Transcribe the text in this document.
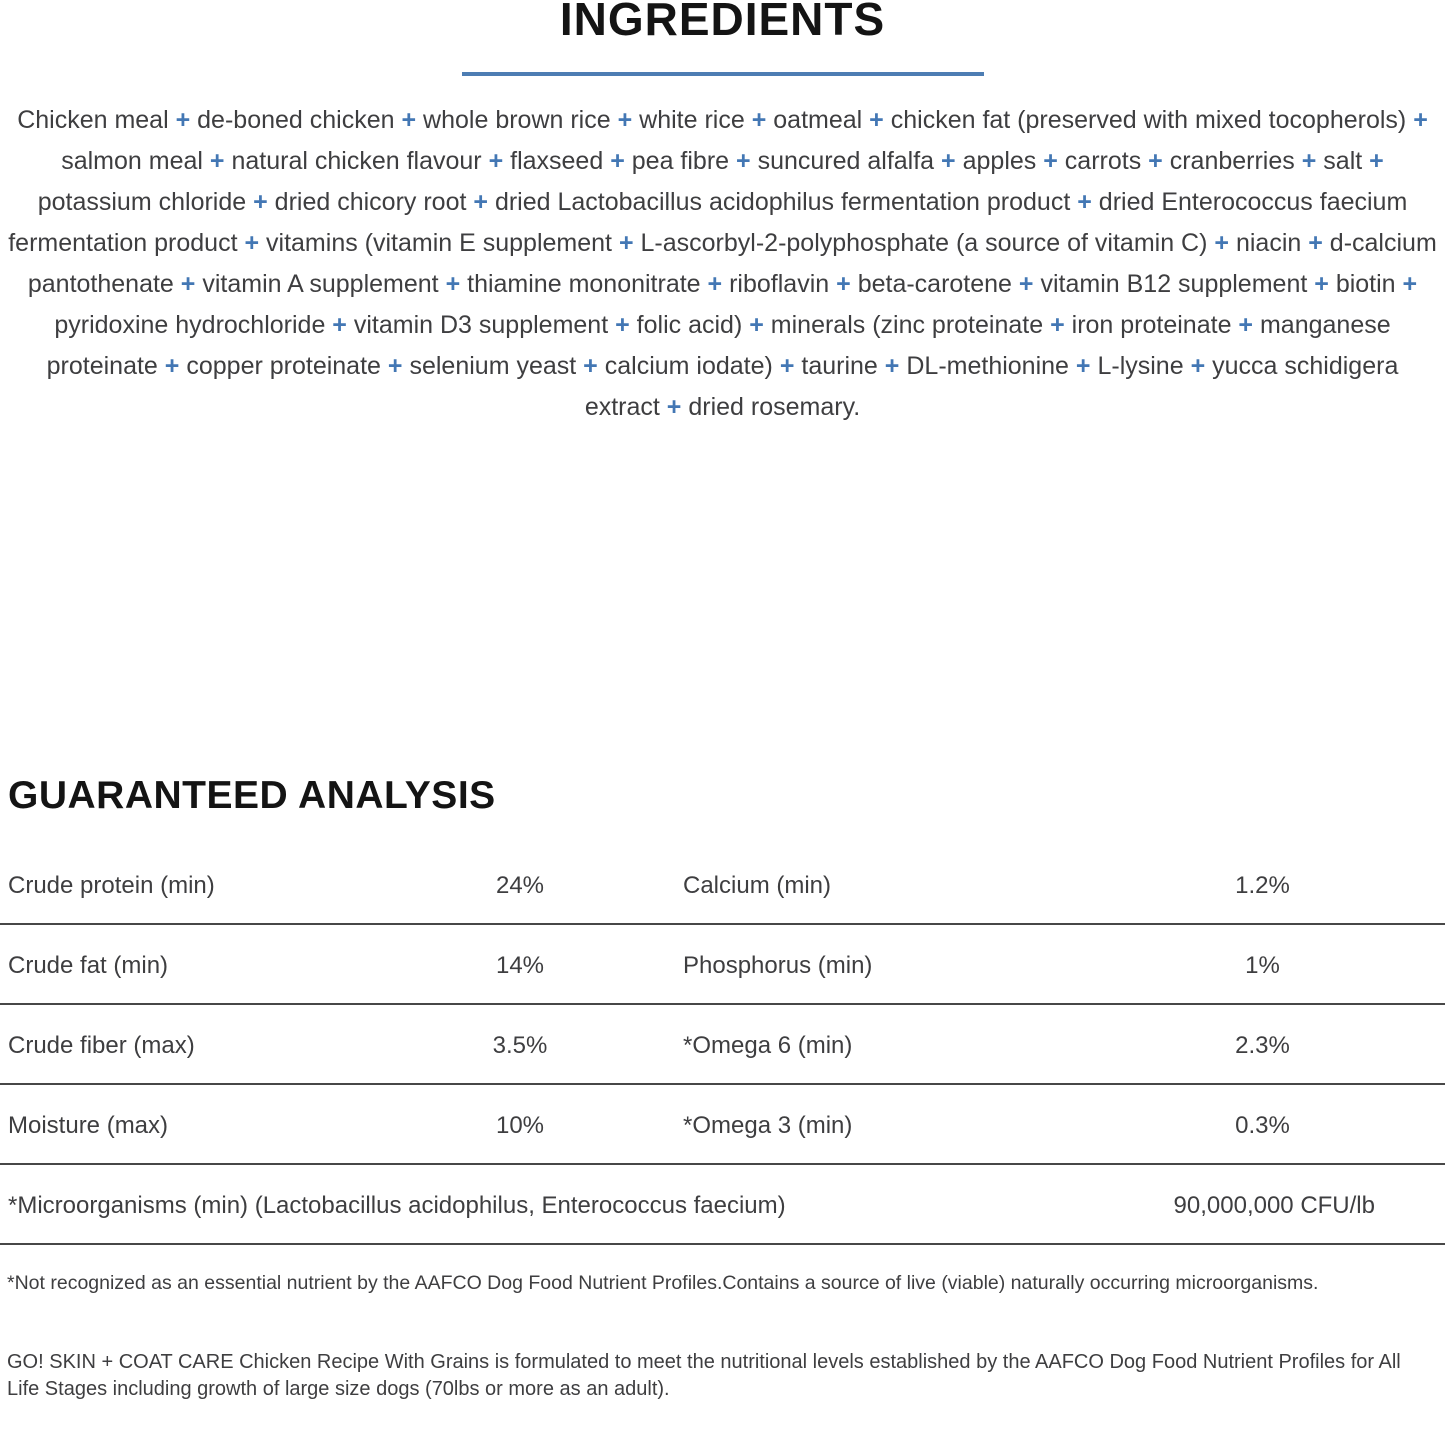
INGREDIENTS

Chicken meal + de-boned chicken + whole brown rice + white rice + oatmeal + chicken fat (preserved with mixed tocopherols) + salmon meal + natural chicken flavour + flaxseed + pea fibre + suncured alfalfa + apples + carrots + cranberries + salt + potassium chloride + dried chicory root + dried Lactobacillus acidophilus fermentation product + dried Enterococcus faecium fermentation product + vitamins (vitamin E supplement + L-ascorbyl-2-polyphosphate (a source of vitamin C) + niacin + d-calcium pantothenate + vitamin A supplement + thiamine mononitrate + riboflavin + beta-carotene + vitamin B12 supplement + biotin + pyridoxine hydrochloride + vitamin D3 supplement + folic acid) + minerals (zinc proteinate + iron proteinate + manganese proteinate + copper proteinate + selenium yeast + calcium iodate) + taurine + DL-methionine + L-lysine + yucca schidigera extract + dried rosemary.

GUARANTEED ANALYSIS
Crude protein (min)	24%	Calcium (min)	1.2%
Crude fat (min)	14%	Phosphorus (min)	1%
Crude fiber (max)	3.5%	*Omega 6 (min)	2.3%
Moisture (max)	10%	*Omega 3 (min)	0.3%
*Microorganisms (min) (Lactobacillus acidophilus, Enterococcus faecium)	90,000,000 CFU/lb

*Not recognized as an essential nutrient by the AAFCO Dog Food Nutrient Profiles.Contains a source of live (viable) naturally occurring microorganisms.

GO! SKIN + COAT CARE Chicken Recipe With Grains is formulated to meet the nutritional levels established by the AAFCO Dog Food Nutrient Profiles for All Life Stages including growth of large size dogs (70lbs or more as an adult).
